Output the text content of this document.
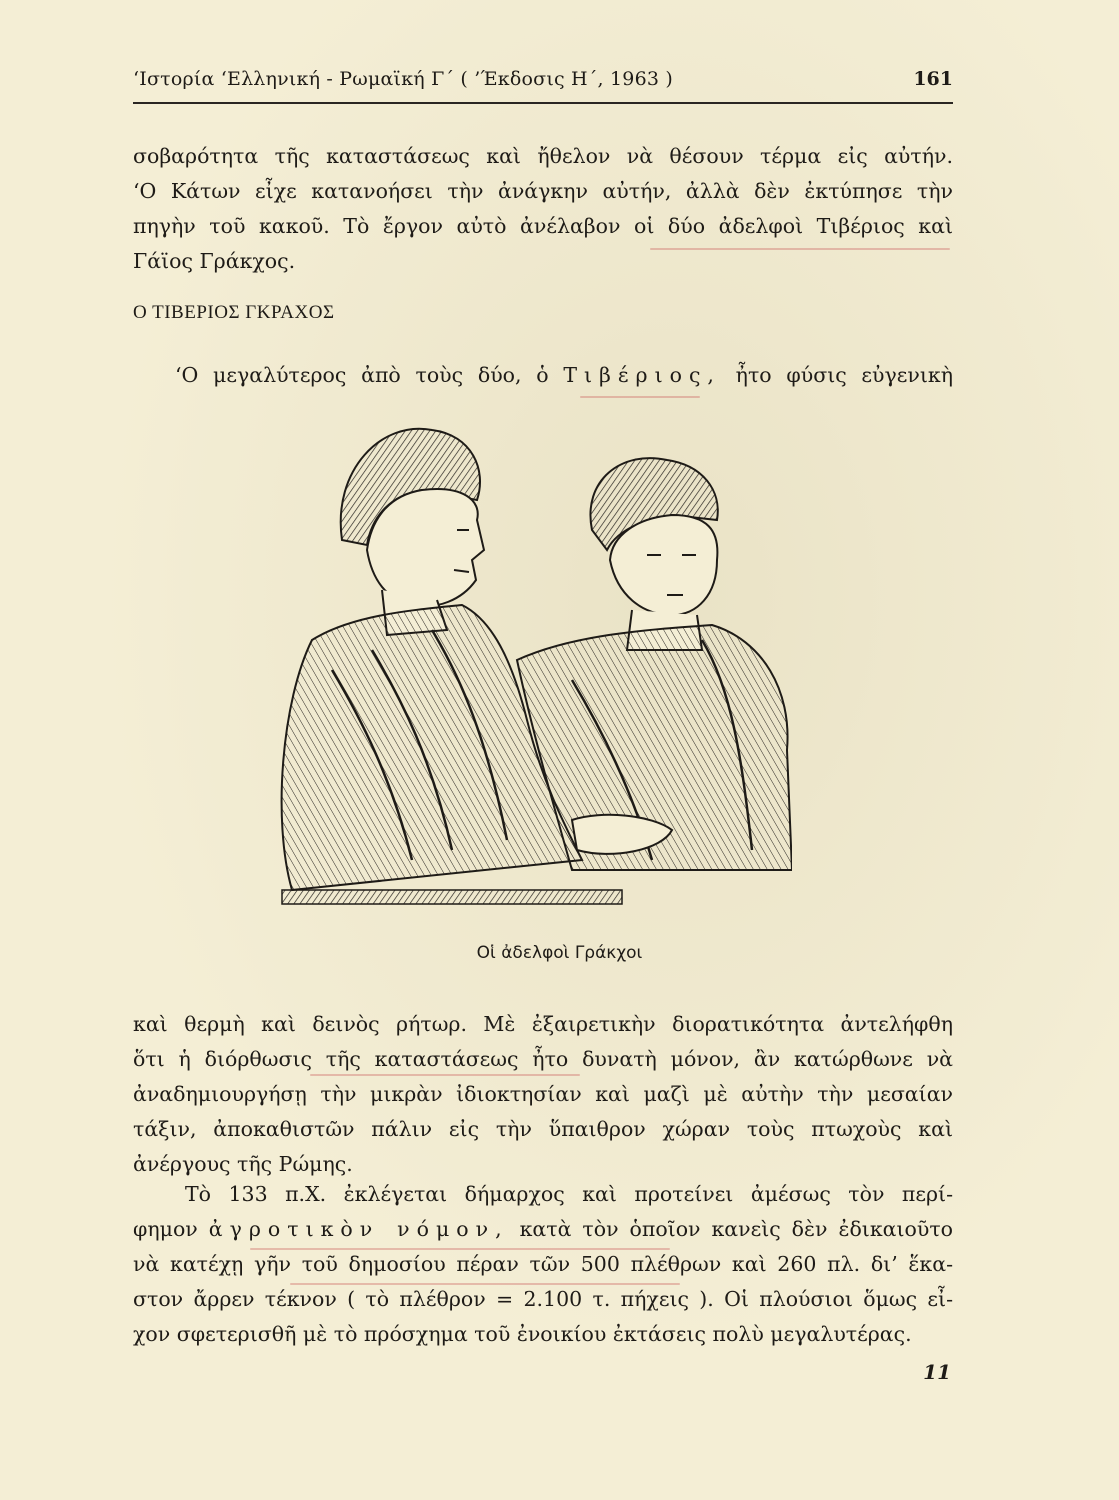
‘Ιστορία ‘Ελληνική - Ρωμαϊκή Γ΄ ( ’Έκδοσις Η΄, 1963 )	161
σοβαρότητα τῆς καταστάσεως καὶ ἤθελον νὰ θέσουν τέρμα εἰς αὐτήν.
‘Ο Κάτων εἶχε κατανοήσει τὴν ἀνάγκην αὐτήν, ἀλλὰ δὲν ἐκτύπησε τὴν
πηγὴν τοῦ κακοῦ. Τὸ ἔργον αὐτὸ ἀνέλαβον οἱ δύο ἀδελφοὶ Τιβέριος καὶ
Γάϊος Γράκχος.
Ο ΤΙΒΕΡΙΟΣ ΓΚΡΑΧΟΣ
‘Ο μεγαλύτερος ἀπὸ τοὺς δύο, ὁ Τιβέριος, ἦτο φύσις εὐγενικὴ
Οἱ ἀδελφοὶ Γράκχοι
καὶ θερμὴ καὶ δεινὸς ρήτωρ. Μὲ ἐξαιρετικὴν διορατικότητα ἀντελήφθη
ὅτι ἡ διόρθωσις τῆς καταστάσεως ἦτο δυνατὴ μόνον, ἂν κατώρθωνε νὰ
ἀναδημιουργήσῃ τὴν μικρὰν ἰδιοκτησίαν καὶ μαζὶ μὲ αὐτὴν τὴν μεσαίαν
τάξιν, ἀποκαθιστῶν πάλιν εἰς τὴν ὕπαιθρον χώραν τοὺς πτωχοὺς καὶ
ἀνέργους τῆς Ρώμης.
Τὸ 133 π.Χ. ἐκλέγεται δήμαρχος καὶ προτείνει ἀμέσως τὸν περί-
φημον ἀγροτικὸν νόμον, κατὰ τὸν ὁποῖον κανεὶς δὲν ἐδικαιοῦτο
νὰ κατέχῃ γῆν τοῦ δημοσίου πέραν τῶν 500 πλέθρων καὶ 260 πλ. δι’ ἕκα-
στον ἄρρεν τέκνον ( τὸ πλέθρον = 2.100 τ. πήχεις ). Οἱ πλούσιοι ὅμως εἶ-
χον σφετερισθῆ μὲ τὸ πρόσχημα τοῦ ἐνοικίου ἐκτάσεις πολὺ μεγαλυτέρας.
11
